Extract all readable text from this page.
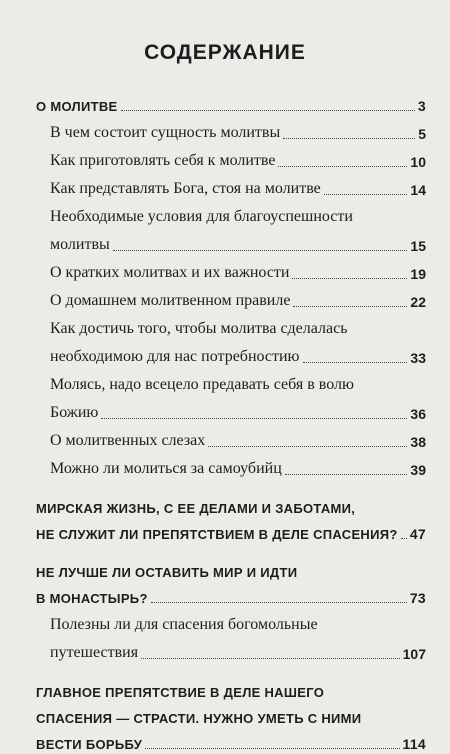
СОДЕРЖАНИЕ
О МОЛИТВЕ	3
В чем состоит сущность молитвы	5
Как приготовлять себя к молитве	10
Как представлять Бога, стоя на молитве	14
Необходимые условия для благоуспешности
молитвы	15
О кратких молитвах и их важности	19
О домашнем молитвенном правиле	22
Как достичь того, чтобы молитва сделалась
необходимою для нас потребностию	33
Молясь, надо всецело предавать себя в волю
Божию	36
О молитвенных слезах	38
Можно ли молиться за самоубийц	39
МИРСКАЯ ЖИЗНЬ, С ЕЕ ДЕЛАМИ И ЗАБОТАМИ,
НЕ СЛУЖИТ ЛИ ПРЕПЯТСТВИЕМ В ДЕЛЕ СПАСЕНИЯ? 47
НЕ ЛУЧШЕ ЛИ ОСТАВИТЬ МИР И ИДТИ
В МОНАСТЫРЬ?	73
Полезны ли для спасения богомольные
путешествия	107
ГЛАВНОЕ ПРЕПЯТСТВИЕ В ДЕЛЕ НАШЕГО
СПАСЕНИЯ — СТРАСТИ. НУЖНО УМЕТЬ С НИМИ
ВЕСТИ БОРЬБУ	114
